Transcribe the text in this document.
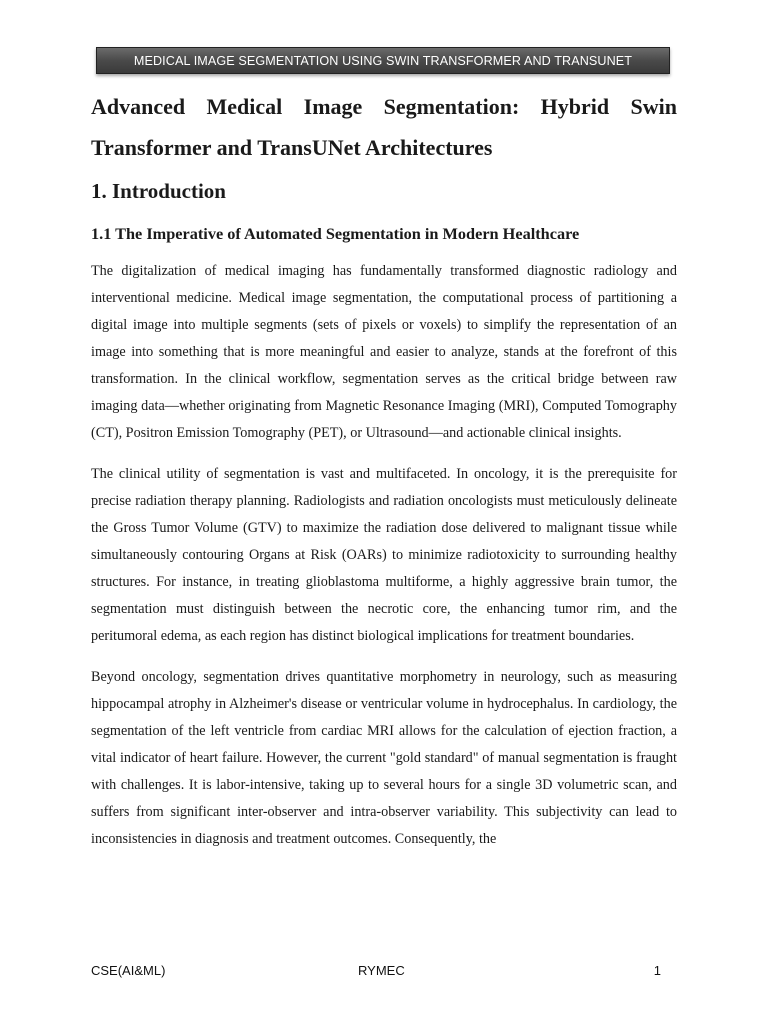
MEDICAL IMAGE SEGMENTATION USING SWIN TRANSFORMER AND TRANSUNET
Advanced Medical Image Segmentation: Hybrid Swin Transformer and TransUNet Architectures
1. Introduction
1.1 The Imperative of Automated Segmentation in Modern Healthcare

The digitalization of medical imaging has fundamentally transformed diagnostic radiology and interventional medicine. Medical image segmentation, the computational process of partitioning a digital image into multiple segments (sets of pixels or voxels) to simplify the representation of an image into something that is more meaningful and easier to analyze, stands at the forefront of this transformation. In the clinical workflow, segmentation serves as the critical bridge between raw imaging data—whether originating from Magnetic Resonance Imaging (MRI), Computed Tomography (CT), Positron Emission Tomography (PET), or Ultrasound—and actionable clinical insights.

The clinical utility of segmentation is vast and multifaceted. In oncology, it is the prerequisite for precise radiation therapy planning. Radiologists and radiation oncologists must meticulously delineate the Gross Tumor Volume (GTV) to maximize the radiation dose delivered to malignant tissue while simultaneously contouring Organs at Risk (OARs) to minimize radiotoxicity to surrounding healthy structures. For instance, in treating glioblastoma multiforme, a highly aggressive brain tumor, the segmentation must distinguish between the necrotic core, the enhancing tumor rim, and the peritumoral edema, as each region has distinct biological implications for treatment boundaries.

Beyond oncology, segmentation drives quantitative morphometry in neurology, such as measuring hippocampal atrophy in Alzheimer's disease or ventricular volume in hydrocephalus. In cardiology, the segmentation of the left ventricle from cardiac MRI allows for the calculation of ejection fraction, a vital indicator of heart failure. However, the current "gold standard" of manual segmentation is fraught with challenges. It is labor-intensive, taking up to several hours for a single 3D volumetric scan, and suffers from significant inter-observer and intra-observer variability. This subjectivity can lead to inconsistencies in diagnosis and treatment outcomes. Consequently, the

CSE(AI&ML)	RYMEC	1
